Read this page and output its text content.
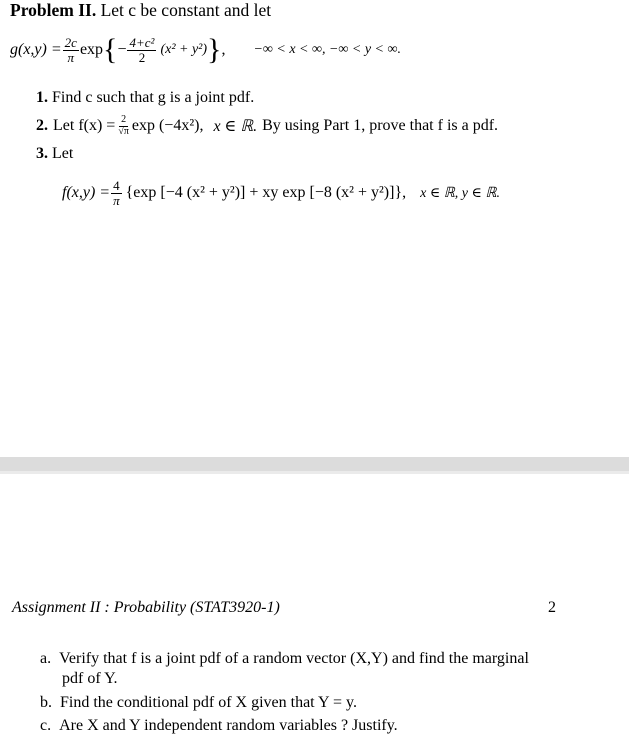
Problem II. Let c be constant and let
$g(x,y) = \frac{2c}{\pi}$ exp { − $\frac{\text{4+c²}}{2} (x^2 + y^2)$ } , −∞ < x < ∞, −∞ < y < ∞.
1. Find c such that g is a joint pdf.
2. Let $f(x) = \frac{2}{√\pi}$ exp (−4x²), x ∈ ℝ. By using Part 1, prove that f is a pdf.
3. Let
$f(x,y) = \frac{4}{\pi} \{\exp$ [−4 (x² + y²)] + xy exp [−8 (x² + y²)]}, x ∈ ℝ, y ∈ ℝ.
Assignment II : Probability (STAT3920-1)	2
a. Verify that f is a joint pdf of a random vector (X,Y) and find the marginal
pdf of Y.
b. Find the conditional pdf of X given that Y = y.
c. Are X and Y independent random variables ? Justify.
